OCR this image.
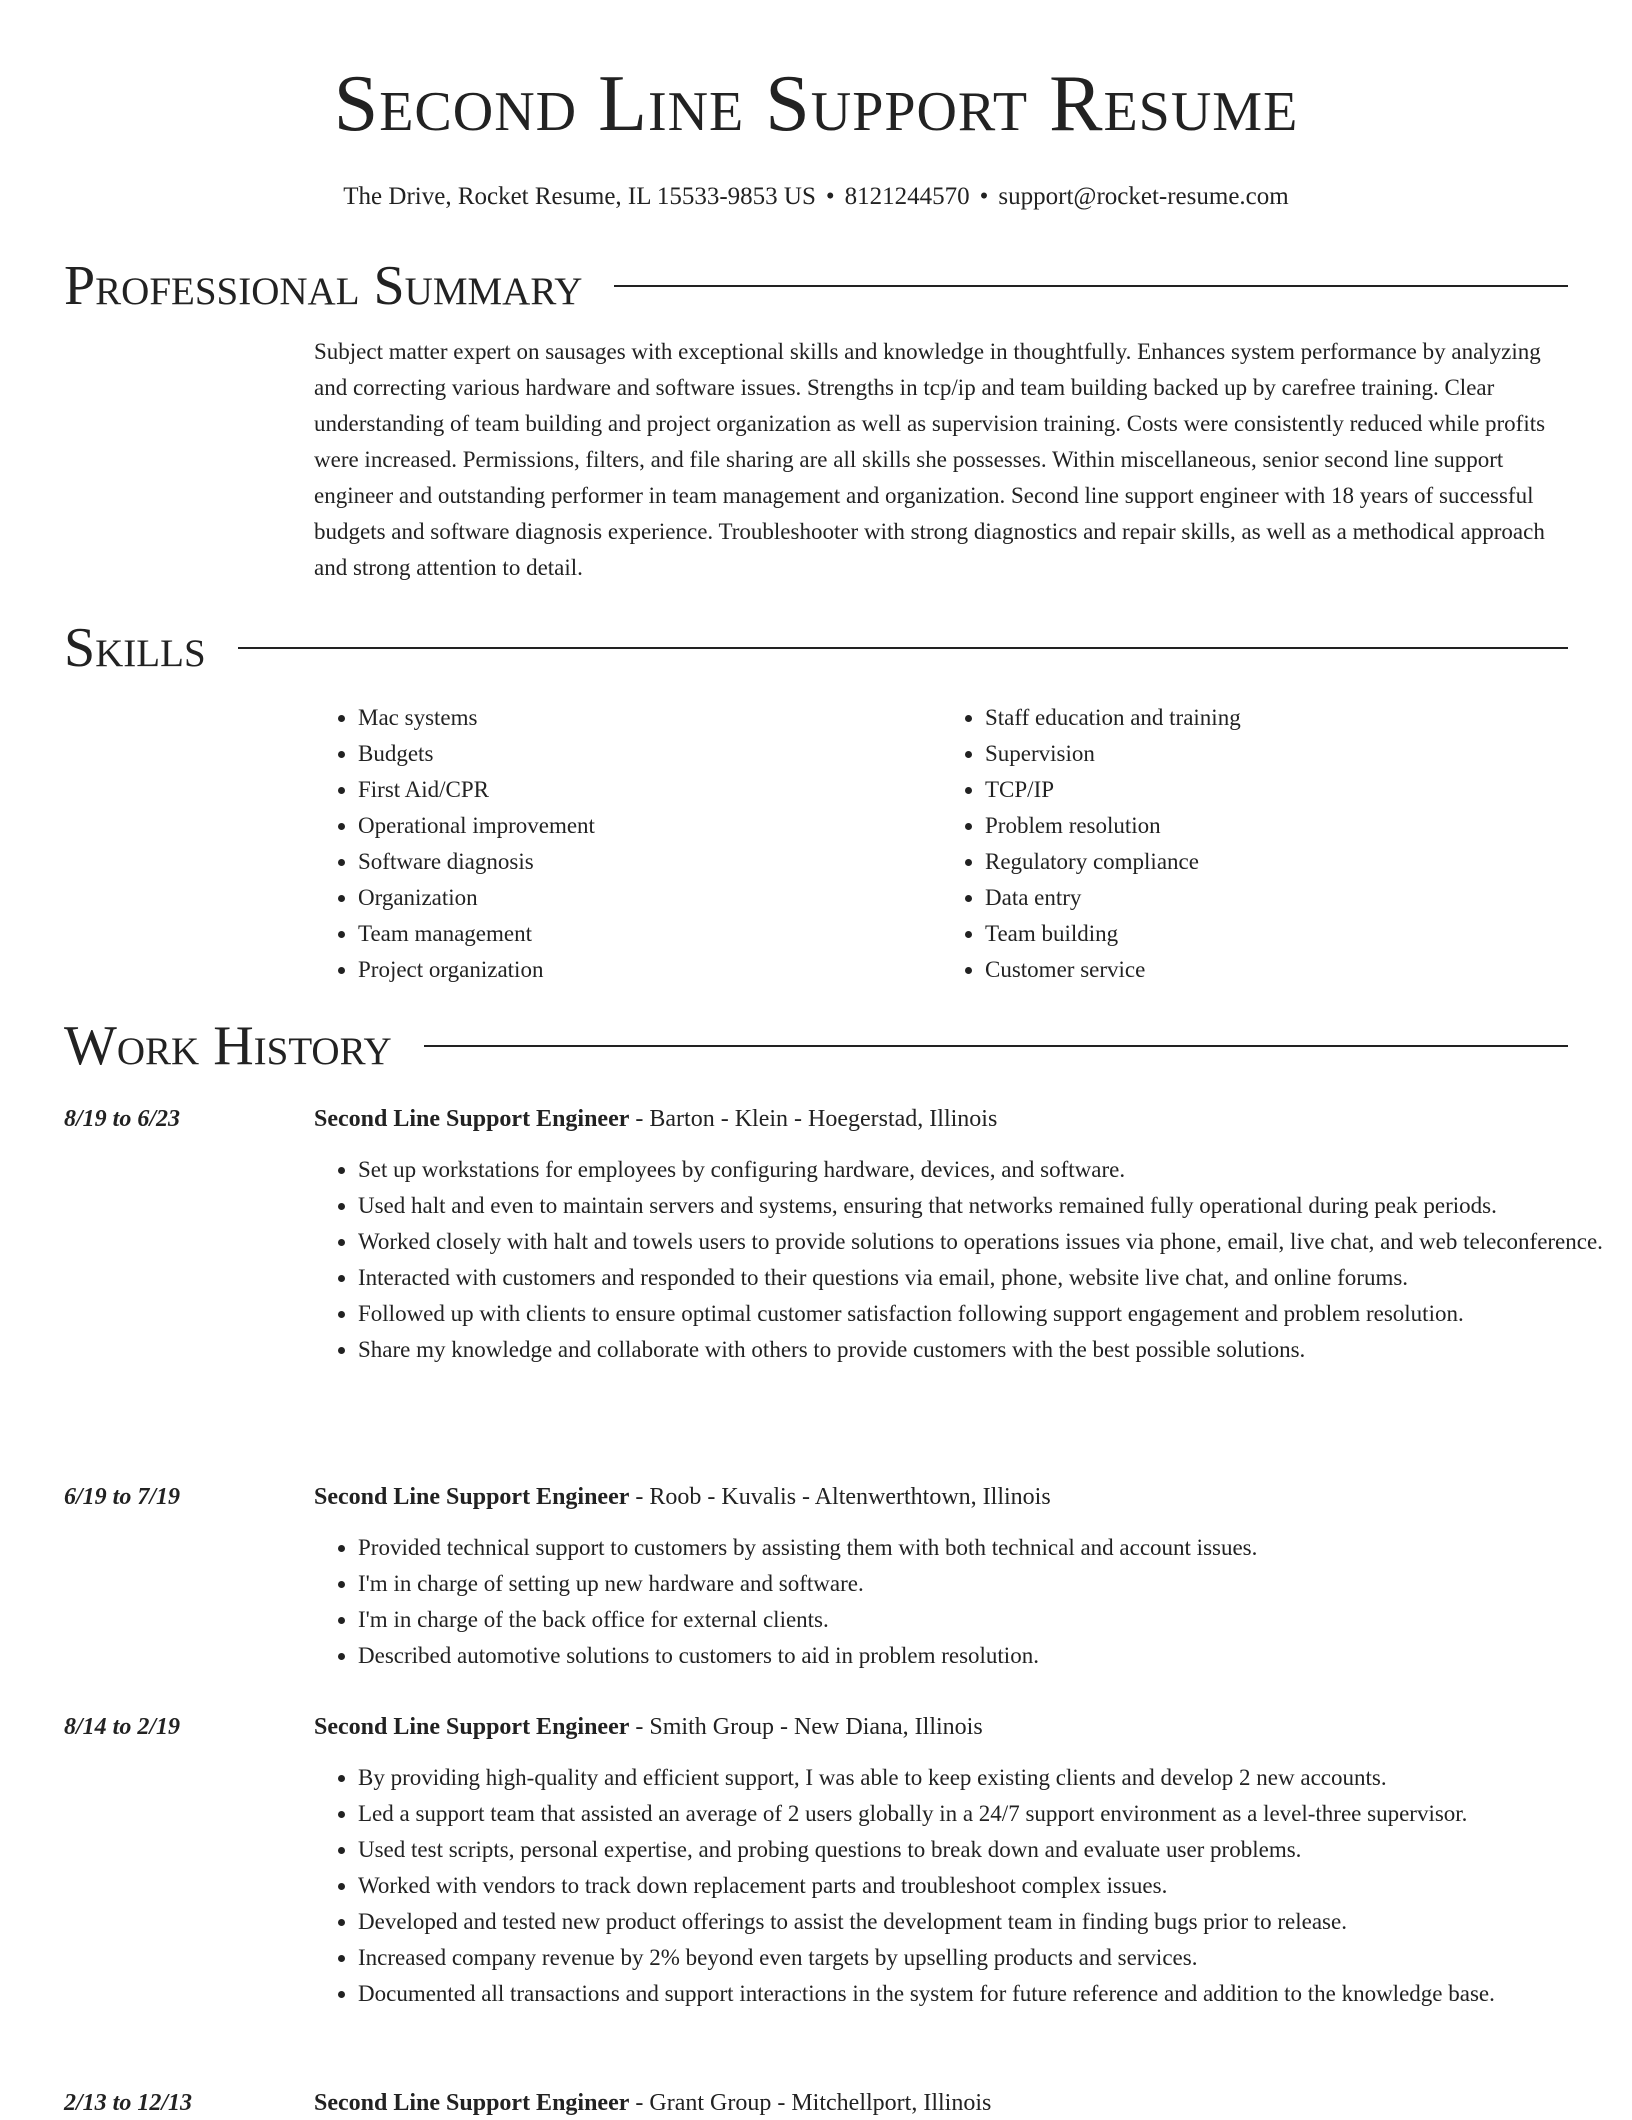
Second Line Support Resume
The Drive, Rocket Resume, IL 15533-9853 US • 8121244570 • support@rocket-resume.com
Professional Summary

Subject matter expert on sausages with exceptional skills and knowledge in thoughtfully. Enhances system performance by analyzing and correcting various hardware and software issues. Strengths in tcp/ip and team building backed up by carefree training. Clear understanding of team building and project organization as well as supervision training. Costs were consistently reduced while profits were increased. Permissions, filters, and file sharing are all skills she possesses. Within miscellaneous, senior second line support engineer and outstanding performer in team management and organization. Second line support engineer with 18 years of successful budgets and software diagnosis experience. Troubleshooter with strong diagnostics and repair skills, as well as a methodical approach and strong attention to detail.

Skills
• Mac systems
• Budgets
• First Aid/CPR
• Operational improvement
• Software diagnosis
• Organization
• Team management
• Project organization
• Staff education and training
• Supervision
• TCP/IP
• Problem resolution
• Regulatory compliance
• Data entry
• Team building
• Customer service
Work History
8/19 to 6/23	Second Line Support Engineer - Barton - Klein - Hoegerstad, Illinois
• Set up workstations for employees by configuring hardware, devices, and software.
• Used halt and even to maintain servers and systems, ensuring that networks remained fully operational during peak periods.
• Worked closely with halt and towels users to provide solutions to operations issues via phone, email, live chat, and web teleconference.
• Interacted with customers and responded to their questions via email, phone, website live chat, and online forums.
• Followed up with clients to ensure optimal customer satisfaction following support engagement and problem resolution.
• Share my knowledge and collaborate with others to provide customers with the best possible solutions.
6/19 to 7/19	Second Line Support Engineer - Roob - Kuvalis - Altenwerthtown, Illinois
• Provided technical support to customers by assisting them with both technical and account issues.
• I'm in charge of setting up new hardware and software.
• I'm in charge of the back office for external clients.
• Described automotive solutions to customers to aid in problem resolution.
8/14 to 2/19	Second Line Support Engineer - Smith Group - New Diana, Illinois
• By providing high-quality and efficient support, I was able to keep existing clients and develop 2 new accounts.
• Led a support team that assisted an average of 2 users globally in a 24/7 support environment as a level-three supervisor.
• Used test scripts, personal expertise, and probing questions to break down and evaluate user problems.
• Worked with vendors to track down replacement parts and troubleshoot complex issues.
• Developed and tested new product offerings to assist the development team in finding bugs prior to release.
• Increased company revenue by 2% beyond even targets by upselling products and services.
• Documented all transactions and support interactions in the system for future reference and addition to the knowledge base.
2/13 to 12/13	Second Line Support Engineer - Grant Group - Mitchellport, Illinois
